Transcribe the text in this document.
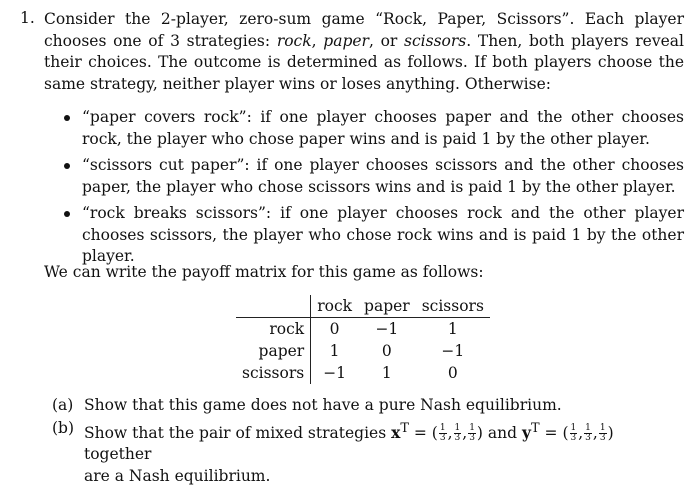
1. Consider the 2-player, zero-sum game “Rock, Paper, Scissors”. Each player chooses one of 3 strategies: rock, paper, or scissors. Then, both players reveal their choices. The outcome is determined as follows. If both players choose the same strategy, neither player wins or loses anything. Otherwise:
“paper covers rock”: if one player chooses paper and the other chooses rock, the player who chose paper wins and is paid 1 by the other player.
“scissors cut paper”: if one player chooses scissors and the other chooses paper, the player who chose scissors wins and is paid 1 by the other player.
“rock breaks scissors”: if one player chooses rock and the other player chooses scissors, the player who chose rock wins and is paid 1 by the other player.
We can write the payoff matrix for this game as follows:
	rock	paper	scissors
rock	0	−1	1
paper	1	0	−1
scissors	−1	1	0
(a) Show that this game does not have a pure Nash equilibrium.
(b) Show that the pair of mixed strategies $x^T$ = ( $\frac{1}{3}$ , $\frac{1}{3}$ , $\frac{1}{3}$ ) and $y^T$ = ( $\frac{1}{3}$ , $\frac{1}{3}$ , $\frac{1}{3}$ ) together
are a Nash equilibrium.
